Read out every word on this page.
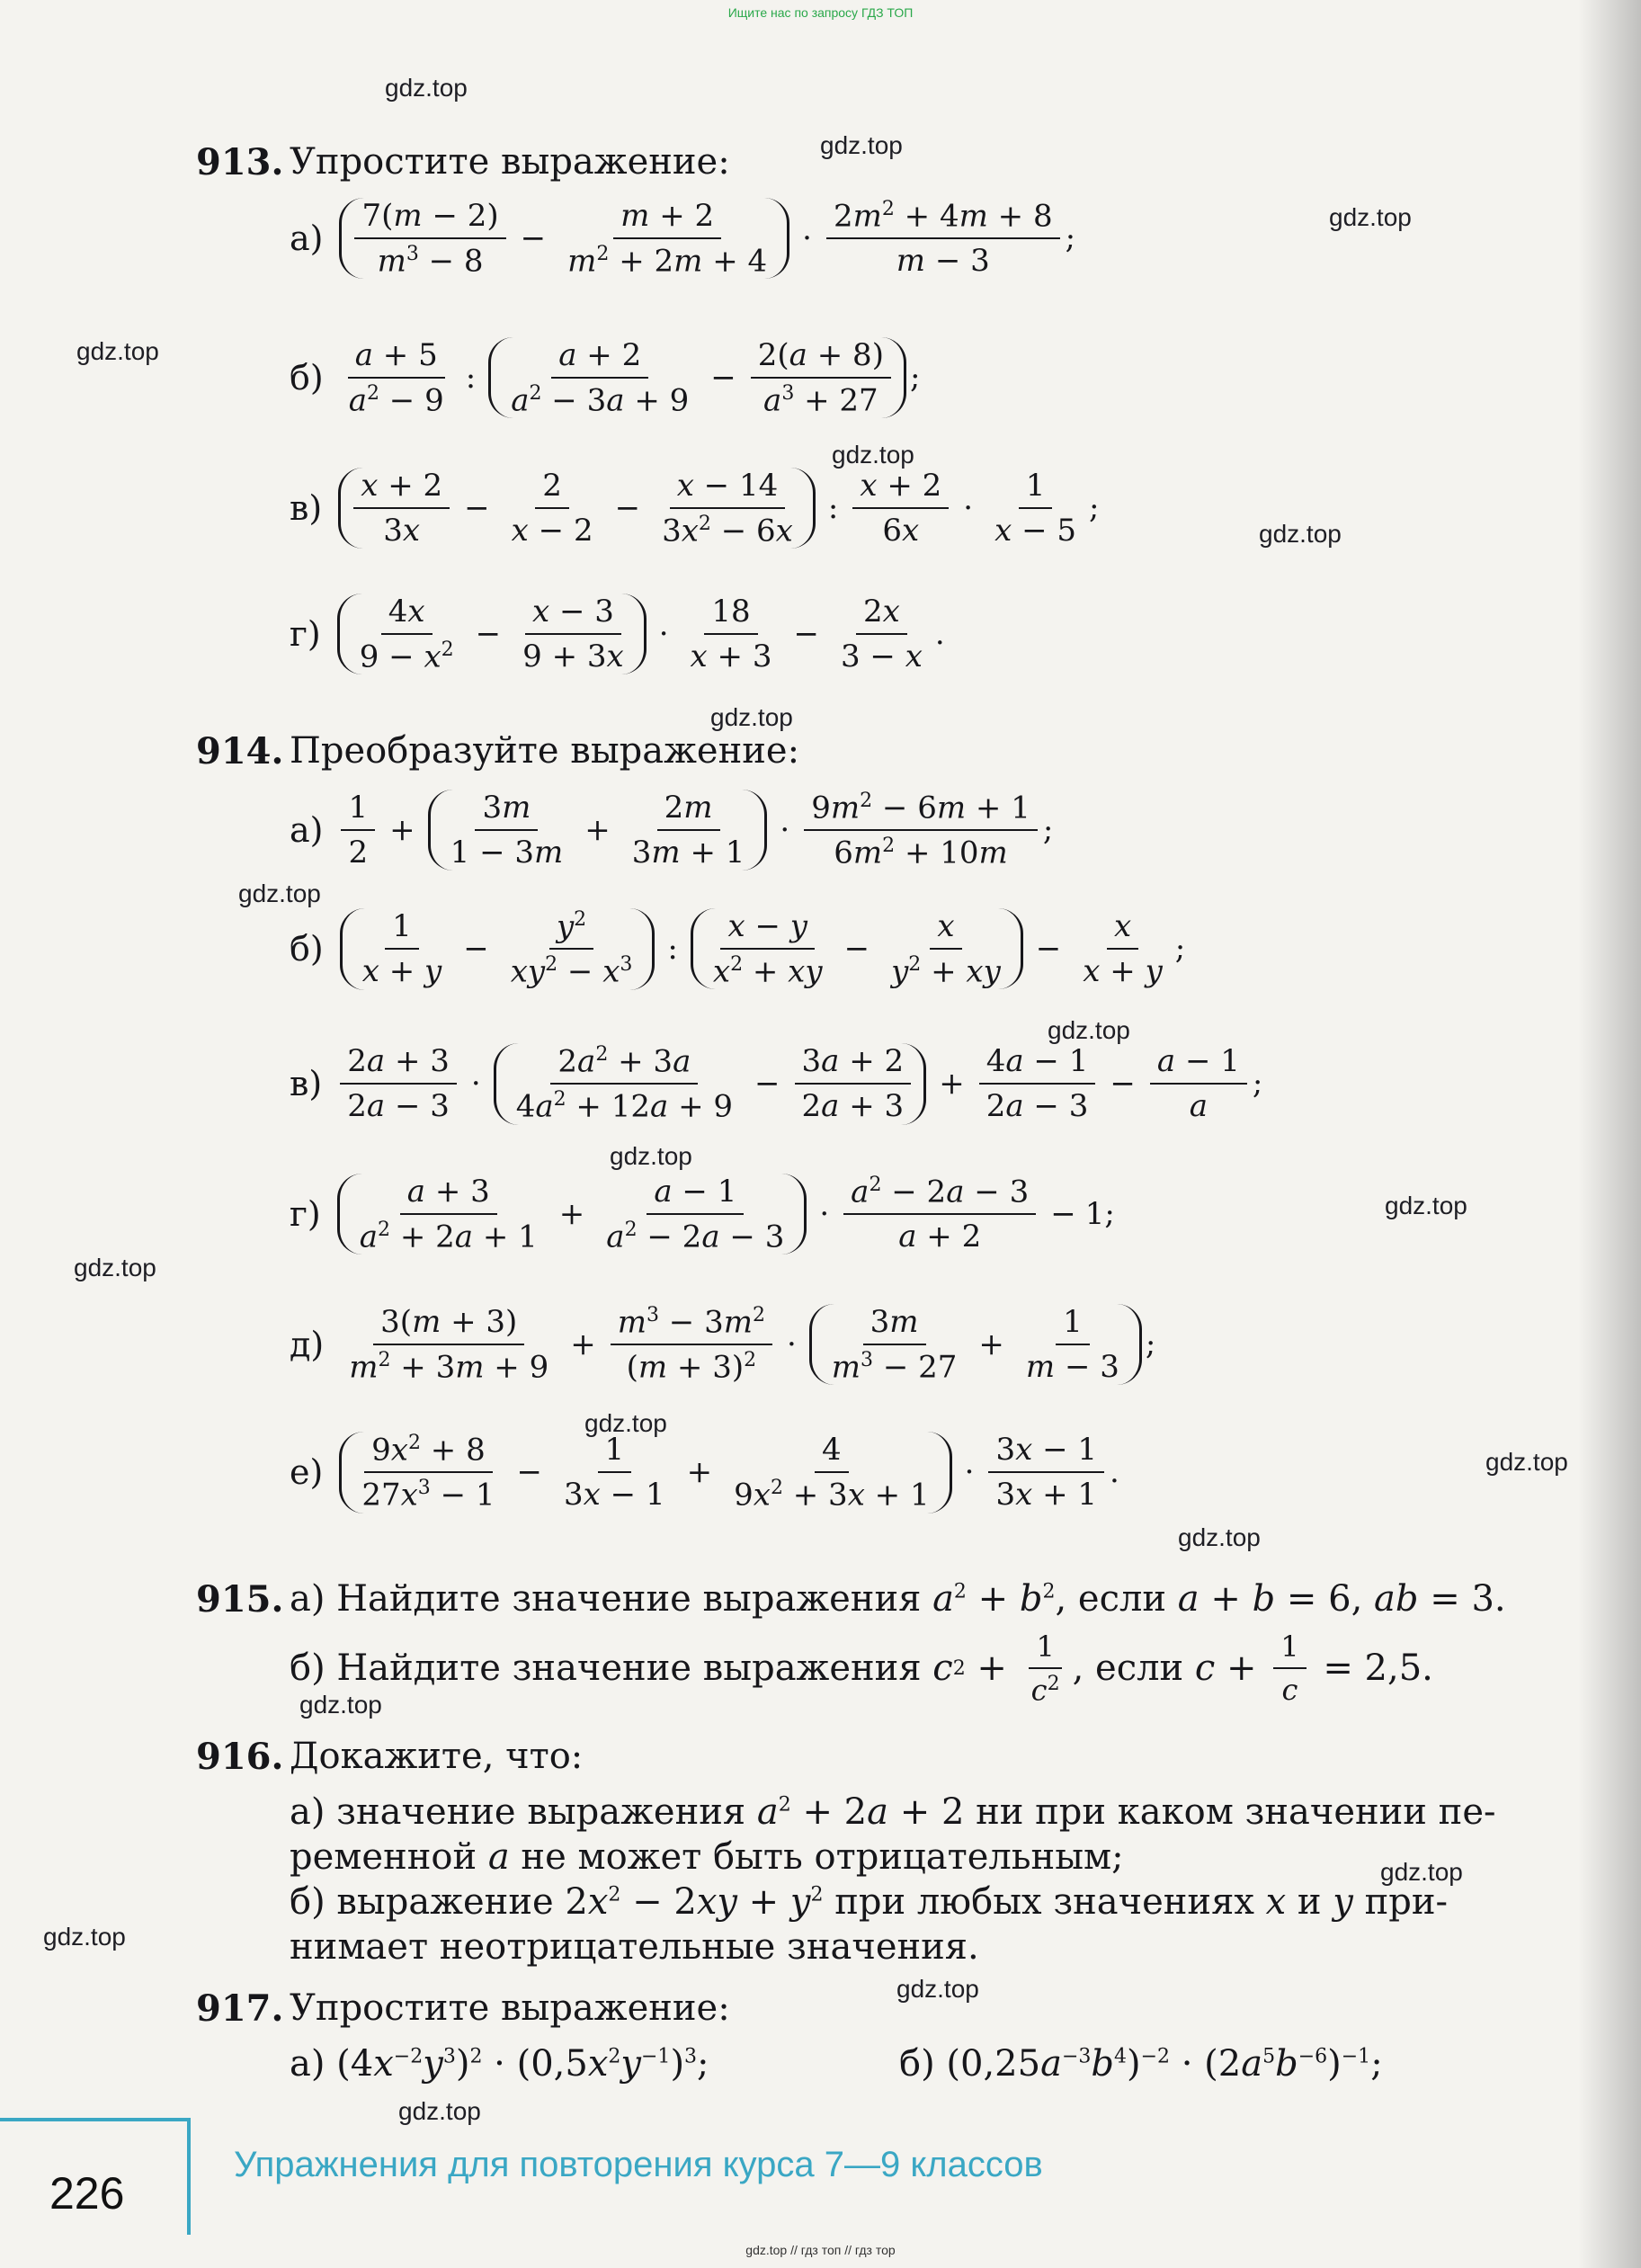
Ищите нас по запросу ГДЗ ТОП
gdz.top
gdz.top
gdz.top
gdz.top
gdz.top
gdz.top
gdz.top
gdz.top
gdz.top
gdz.top
gdz.top
gdz.top
gdz.top
gdz.top
gdz.top
gdz.top
gdz.top
gdz.top
gdz.top
gdz.top
913. Упростите выражение:
$а) \frac{7(m - 2)}{m^3 - 8} - \frac{m + 2}{m^2 + 2m + 4} \cdot \frac{2m^2 + 4m + 8}{m - 3}$ ;
$б) \frac{a + 5}{a^2 - 9}$ : $\frac{a + 2}{a^2 - 3a + 9} - \frac{2(a + 8)}{a^3 + 27}$ ;
$в) \frac{x + 2}{3x} - \frac{2}{x - 2} - \frac{x - 14}{3x^2 - 6x}$ : $\frac{x + 2}{6x} \cdot \frac{1}{x - 5}$ ;
$г) \frac{4x}{9 - x^2} - \frac{x - 3}{9 + 3x} \cdot \frac{18}{x + 3} - \frac{2x}{3 - x}$ .
914. Преобразуйте выражение:
$а) \frac{1}{2} + \frac{3m}{1 - 3m} + \frac{2m}{3m + 1} \cdot \frac{9m^2 - 6m + 1}{6m^2 + 10m}$ ;
$б) \frac{1}{x + y} - \frac{y^2}{xy^2 - x^3}$ : $\frac{x - y}{x^2 + xy} - \frac{x}{y^2 + xy} - \frac{x}{x + y}$ ;
$в) \frac{2a + 3}{2a - 3} \cdot \frac{2a^2 + 3a}{4a^2 + 12a + 9} - \frac{3a + 2}{2a + 3} + \frac{4a - 1}{2a - 3} - \frac{a - 1}{a}$ ;
$г) \frac{a + 3}{a^2 + 2a + 1} + \frac{a - 1}{a^2 - 2a - 3} \cdot \frac{a^2 - 2a - 3}{a + 2} - 1$;
$д) \frac{3(m + 3)}{m^2 + 3m + 9} + \frac{m^3 - 3m^2}{(m + 3)^2} \cdot \frac{3m}{m^3 - 27} + \frac{1}{m - 3}$ ;
$е) \frac{9x^2 + 8}{27x^3 - 1} - \frac{1}{3x - 1} + \frac{4}{9x^2 + 3x + 1} \cdot \frac{3x - 1}{3x + 1}$ .
915. а) Найдите значение выражения $a^2 + b^2$, если a + b = 6, ab = 3.
б) Найдите значение выражения
c $2 + \frac{1}{c^2}$ , если
$c + \frac{1}{c} = 2,5$.
916. Докажите, что:
а) значение выражения $a^2 + 2a + 2$ ни при каком значении пе-
ременной a не может быть отрицательным;
б) выражение $2x^2 - 2xy + y^2$ при любых значениях x и y при-
нимает неотрицательные значения.
917. Упростите выражение:
а) $(4x^{-2}y^3)^2 \cdot (0,5x^2y^{-1})^3$;	б) $(0,25a^{-3}b^4)^{-2} \cdot (2a^5b^{-6})^{-1}$;
226
Упражнения для повторения курса 7—9 классов
gdz.top // гдз топ // гдз тор
